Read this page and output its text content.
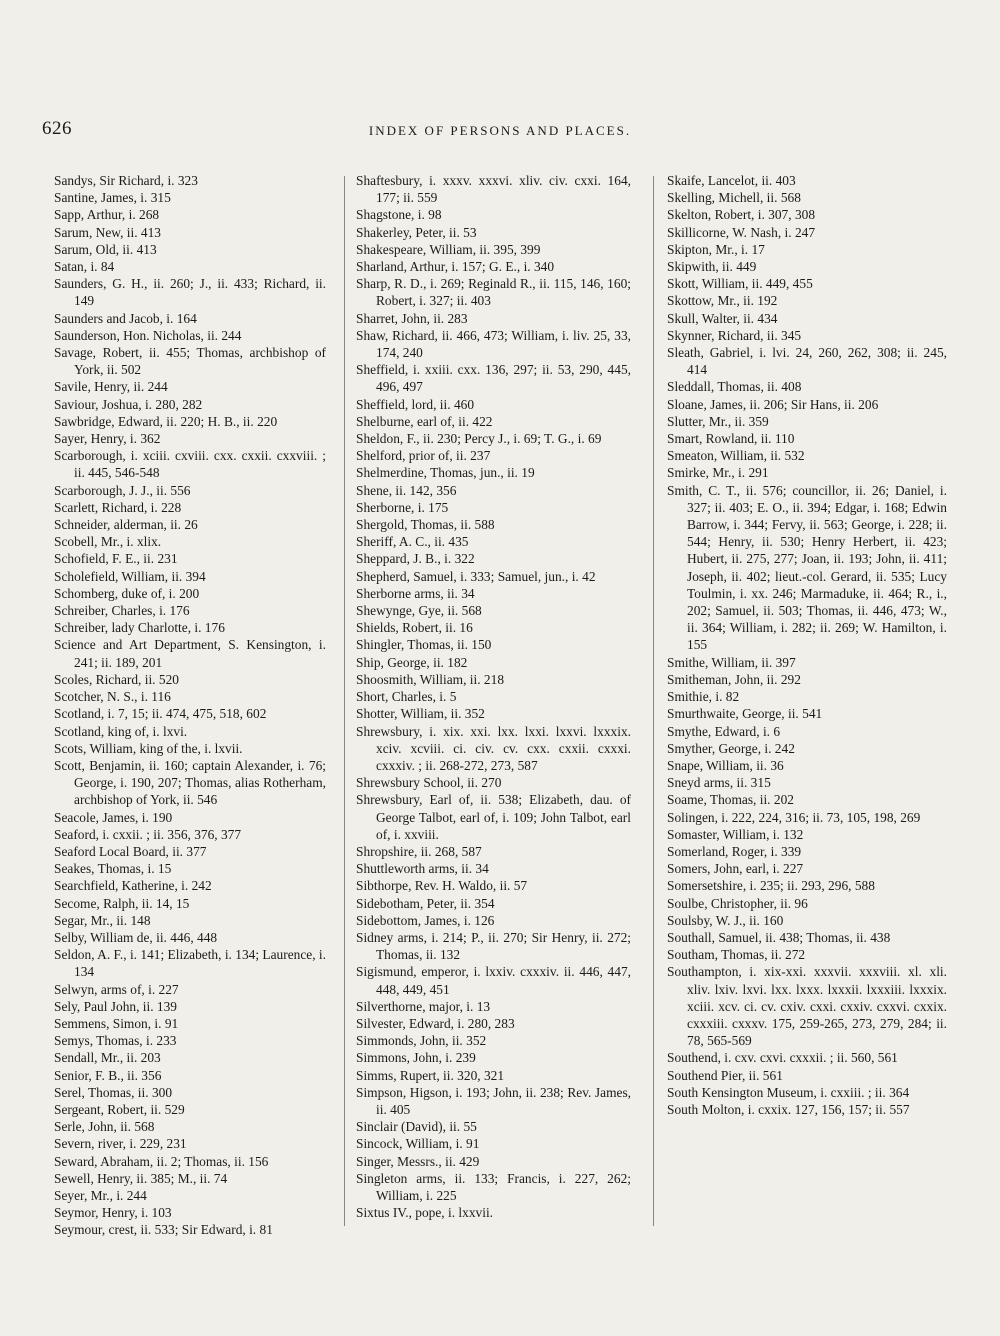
626	INDEX OF PERSONS AND PLACES.

Sandys, Sir Richard, i. 323

Santine, James, i. 315

Sapp, Arthur, i. 268

Sarum, New, ii. 413

Sarum, Old, ii. 413

Satan, i. 84

Saunders, G. H., ii. 260; J., ii. 433; Richard, ii. 149

Saunders and Jacob, i. 164

Saunderson, Hon. Nicholas, ii. 244

Savage, Robert, ii. 455; Thomas, archbishop of York, ii. 502

Savile, Henry, ii. 244

Saviour, Joshua, i. 280, 282

Sawbridge, Edward, ii. 220; H. B., ii. 220

Sayer, Henry, i. 362

Scarborough, i. xciii. cxviii. cxx. cxxii. cxxviii. ; ii. 445, 546-548

Scarborough, J. J., ii. 556

Scarlett, Richard, i. 228

Schneider, alderman, ii. 26

Scobell, Mr., i. xlix.

Schofield, F. E., ii. 231

Scholefield, William, ii. 394

Schomberg, duke of, i. 200

Schreiber, Charles, i. 176

Schreiber, lady Charlotte, i. 176

Science and Art Department, S. Kensington, i. 241; ii. 189, 201

Scoles, Richard, ii. 520

Scotcher, N. S., i. 116

Scotland, i. 7, 15; ii. 474, 475, 518, 602

Scotland, king of, i. lxvi.

Scots, William, king of the, i. lxvii.

Scott, Benjamin, ii. 160; captain Alexander, i. 76; George, i. 190, 207; Thomas, alias Rotherham, archbishop of York, ii. 546

Seacole, James, i. 190

Seaford, i. cxxii. ; ii. 356, 376, 377

Seaford Local Board, ii. 377

Seakes, Thomas, i. 15

Searchfield, Katherine, i. 242

Secome, Ralph, ii. 14, 15

Segar, Mr., ii. 148

Selby, William de, ii. 446, 448

Seldon, A. F., i. 141; Elizabeth, i. 134; Laurence, i. 134

Selwyn, arms of, i. 227

Sely, Paul John, ii. 139

Semmens, Simon, i. 91

Semys, Thomas, i. 233

Sendall, Mr., ii. 203

Senior, F. B., ii. 356

Serel, Thomas, ii. 300

Sergeant, Robert, ii. 529

Serle, John, ii. 568

Severn, river, i. 229, 231

Seward, Abraham, ii. 2; Thomas, ii. 156

Sewell, Henry, ii. 385; M., ii. 74

Seyer, Mr., i. 244

Seymor, Henry, i. 103

Seymour, crest, ii. 533; Sir Edward, i. 81

Shaftesbury, i. xxxv. xxxvi. xliv. civ. cxxi. 164, 177; ii. 559

Shagstone, i. 98

Shakerley, Peter, ii. 53

Shakespeare, William, ii. 395, 399

Sharland, Arthur, i. 157; G. E., i. 340

Sharp, R. D., i. 269; Reginald R., ii. 115, 146, 160; Robert, i. 327; ii. 403

Sharret, John, ii. 283

Shaw, Richard, ii. 466, 473; William, i. liv. 25, 33, 174, 240

Sheffield, i. xxiii. cxx. 136, 297; ii. 53, 290, 445, 496, 497

Sheffield, lord, ii. 460

Shelburne, earl of, ii. 422

Sheldon, F., ii. 230; Percy J., i. 69; T. G., i. 69

Shelford, prior of, ii. 237

Shelmerdine, Thomas, jun., ii. 19

Shene, ii. 142, 356

Sherborne, i. 175

Shergold, Thomas, ii. 588

Sheriff, A. C., ii. 435

Sheppard, J. B., i. 322

Shepherd, Samuel, i. 333; Samuel, jun., i. 42

Sherborne arms, ii. 34

Shewynge, Gye, ii. 568

Shields, Robert, ii. 16

Shingler, Thomas, ii. 150

Ship, George, ii. 182

Shoosmith, William, ii. 218

Short, Charles, i. 5

Shotter, William, ii. 352

Shrewsbury, i. xix. xxi. lxx. lxxi. lxxvi. lxxxix. xciv. xcviii. ci. civ. cv. cxx. cxxii. cxxxi. cxxxiv. ; ii. 268-272, 273, 587

Shrewsbury School, ii. 270

Shrewsbury, Earl of, ii. 538; Elizabeth, dau. of George Talbot, earl of, i. 109; John Talbot, earl of, i. xxviii.

Shropshire, ii. 268, 587

Shuttleworth arms, ii. 34

Sibthorpe, Rev. H. Waldo, ii. 57

Sidebotham, Peter, ii. 354

Sidebottom, James, i. 126

Sidney arms, i. 214; P., ii. 270; Sir Henry, ii. 272; Thomas, ii. 132

Sigismund, emperor, i. lxxiv. cxxxiv. ii. 446, 447, 448, 449, 451

Silverthorne, major, i. 13

Silvester, Edward, i. 280, 283

Simmonds, John, ii. 352

Simmons, John, i. 239

Simms, Rupert, ii. 320, 321

Simpson, Higson, i. 193; John, ii. 238; Rev. James, ii. 405

Sinclair (David), ii. 55

Sincock, William, i. 91

Singer, Messrs., ii. 429

Singleton arms, ii. 133; Francis, i. 227, 262; William, i. 225

Sixtus IV., pope, i. lxxvii.

Skaife, Lancelot, ii. 403

Skelling, Michell, ii. 568

Skelton, Robert, i. 307, 308

Skillicorne, W. Nash, i. 247

Skipton, Mr., i. 17

Skipwith, ii. 449

Skott, William, ii. 449, 455

Skottow, Mr., ii. 192

Skull, Walter, ii. 434

Skynner, Richard, ii. 345

Sleath, Gabriel, i. lvi. 24, 260, 262, 308; ii. 245, 414

Sleddall, Thomas, ii. 408

Sloane, James, ii. 206; Sir Hans, ii. 206

Slutter, Mr., ii. 359

Smart, Rowland, ii. 110

Smeaton, William, ii. 532

Smirke, Mr., i. 291

Smith, C. T., ii. 576; councillor, ii. 26; Daniel, i. 327; ii. 403; E. O., ii. 394; Edgar, i. 168; Edwin Barrow, i. 344; Fervy, ii. 563; George, i. 228; ii. 544; Henry, ii. 530; Henry Herbert, ii. 423; Hubert, ii. 275, 277; Joan, ii. 193; John, ii. 411; Joseph, ii. 402; lieut.-col. Gerard, ii. 535; Lucy Toulmin, i. xx. 246; Marmaduke, ii. 464; R., i., 202; Samuel, ii. 503; Thomas, ii. 446, 473; W., ii. 364; William, i. 282; ii. 269; W. Hamilton, i. 155

Smithe, William, ii. 397

Smitheman, John, ii. 292

Smithie, i. 82

Smurthwaite, George, ii. 541

Smythe, Edward, i. 6

Smyther, George, i. 242

Snape, William, ii. 36

Sneyd arms, ii. 315

Soame, Thomas, ii. 202

Solingen, i. 222, 224, 316; ii. 73, 105, 198, 269

Somaster, William, i. 132

Somerland, Roger, i. 339

Somers, John, earl, i. 227

Somersetshire, i. 235; ii. 293, 296, 588

Soulbe, Christopher, ii. 96

Soulsby, W. J., ii. 160

Southall, Samuel, ii. 438; Thomas, ii. 438

Southam, Thomas, ii. 272

Southampton, i. xix-xxi. xxxvii. xxxviii. xl. xli. xliv. lxiv. lxvi. lxx. lxxx. lxxxii. lxxxiii. lxxxix. xciii. xcv. ci. cv. cxiv. cxxi. cxxiv. cxxvi. cxxix. cxxxiii. cxxxv. 175, 259-265, 273, 279, 284; ii. 78, 565-569

Southend, i. cxv. cxvi. cxxxii. ; ii. 560, 561

Southend Pier, ii. 561

South Kensington Museum, i. cxxiii. ; ii. 364

South Molton, i. cxxix. 127, 156, 157; ii. 557
